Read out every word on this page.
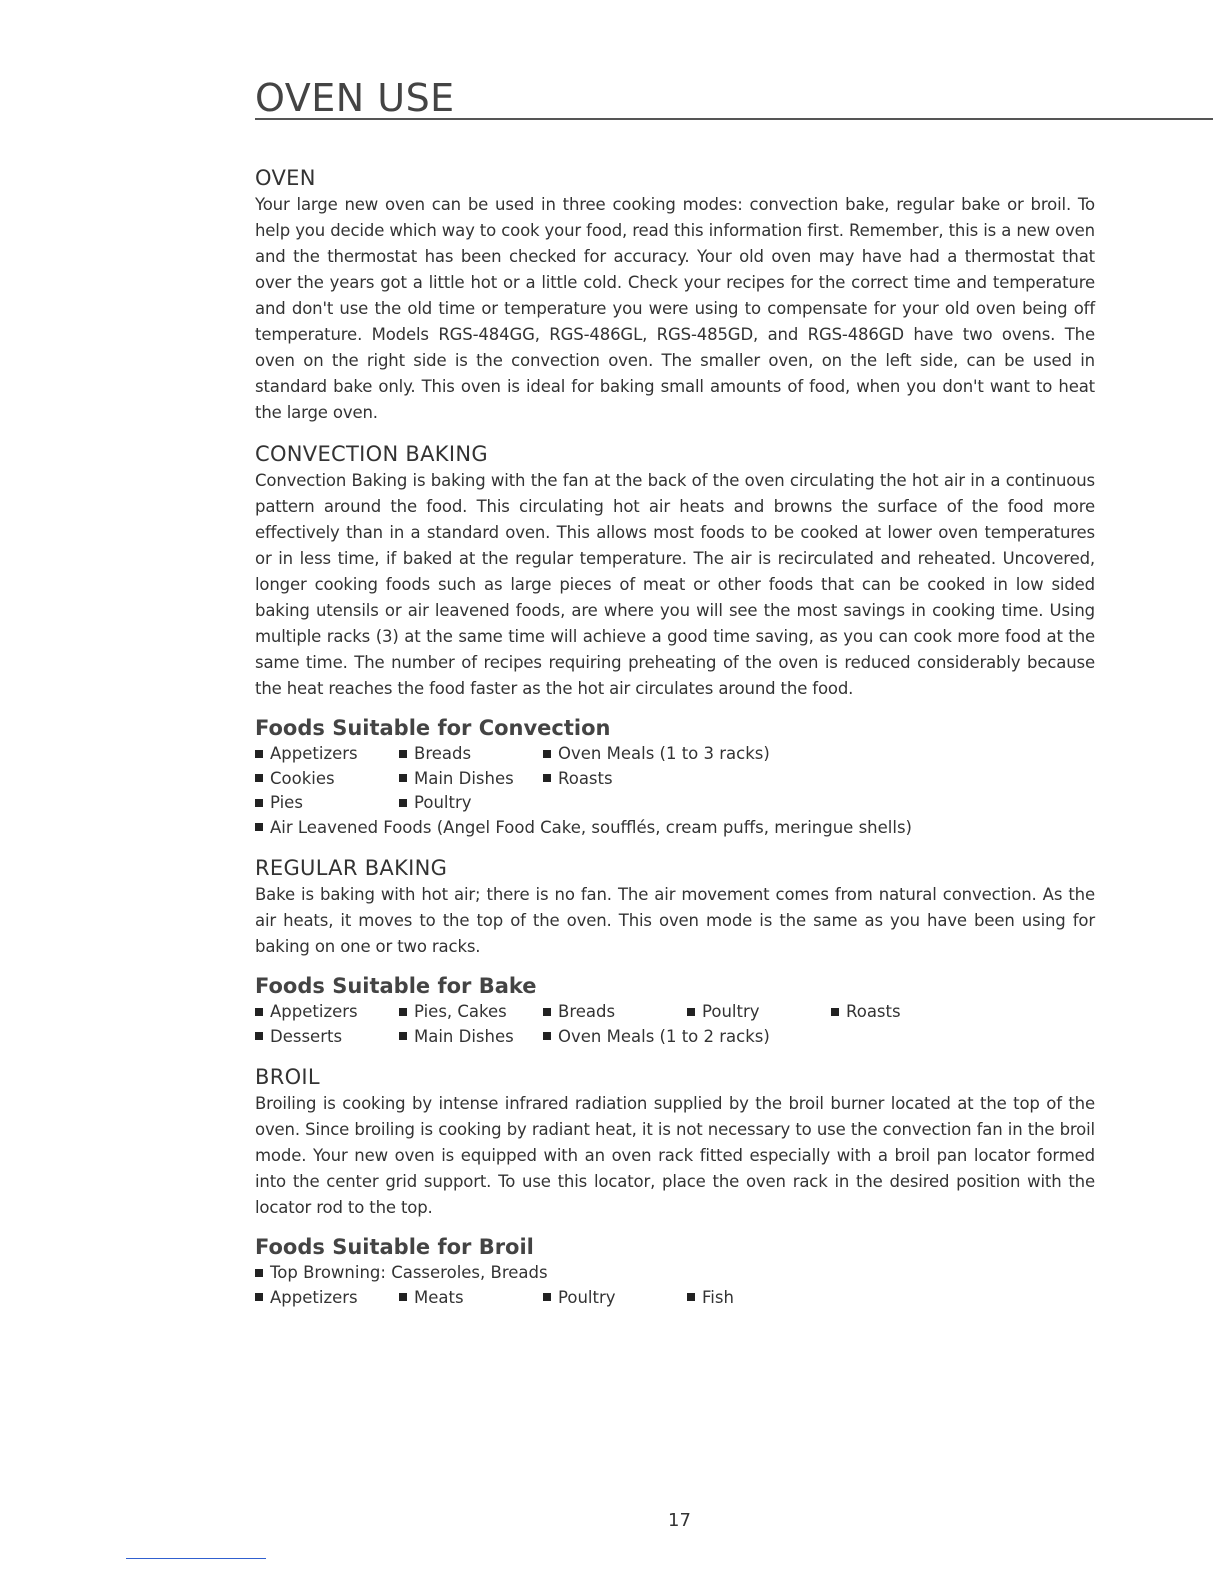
OVEN USE
OVEN

Your large new oven can be used in three cooking modes: convection bake, regular bake or broil. To help you decide which way to cook your food, read this information first. Remember, this is a new oven and the thermostat has been checked for accuracy. Your old oven may have had a thermostat that over the years got a little hot or a little cold. Check your recipes for the correct time and temperature and don't use the old time or temperature you were using to compensate for your old oven being off temperature. Models RGS-484GG, RGS-486GL, RGS-485GD, and RGS-486GD have two ovens. The oven on the right side is the convection oven. The smaller oven, on the left side, can be used in standard bake only. This oven is ideal for baking small amounts of food, when you don't want to heat the large oven.

CONVECTION BAKING

Convection Baking is baking with the fan at the back of the oven circulating the hot air in a continuous pattern around the food. This circulating hot air heats and browns the surface of the food more effectively than in a standard oven. This allows most foods to be cooked at lower oven temperatures or in less time, if baked at the regular temperature. The air is recirculated and reheated. Uncovered, longer cooking foods such as large pieces of meat or other foods that can be cooked in low sided baking utensils or air leavened foods, are where you will see the most savings in cooking time. Using multiple racks (3) at the same time will achieve a good time saving, as you can cook more food at the same time. The number of recipes requiring preheating of the oven is reduced considerably because the heat reaches the food faster as the hot air circulates around the food.

Foods Suitable for Convection
Appetizers	Breads	Oven Meals (1 to 3 racks)
Cookies	Main Dishes	Roasts
Pies	Poultry
Air Leavened Foods (Angel Food Cake, soufflés, cream puffs, meringue shells)
REGULAR BAKING

Bake is baking with hot air; there is no fan. The air movement comes from natural convection. As the air heats, it moves to the top of the oven. This oven mode is the same as you have been using for baking on one or two racks.

Foods Suitable for Bake
Appetizers	Pies, Cakes	Breads	Poultry	Roasts
Desserts	Main Dishes	Oven Meals (1 to 2 racks)
BROIL

Broiling is cooking by intense infrared radiation supplied by the broil burner located at the top of the oven. Since broiling is cooking by radiant heat, it is not necessary to use the convection fan in the broil mode. Your new oven is equipped with an oven rack fitted especially with a broil pan locator formed into the center grid support. To use this locator, place the oven rack in the desired position with the locator rod to the top.

Foods Suitable for Broil
Top Browning: Casseroles, Breads
Appetizers	Meats	Poultry	Fish
17
